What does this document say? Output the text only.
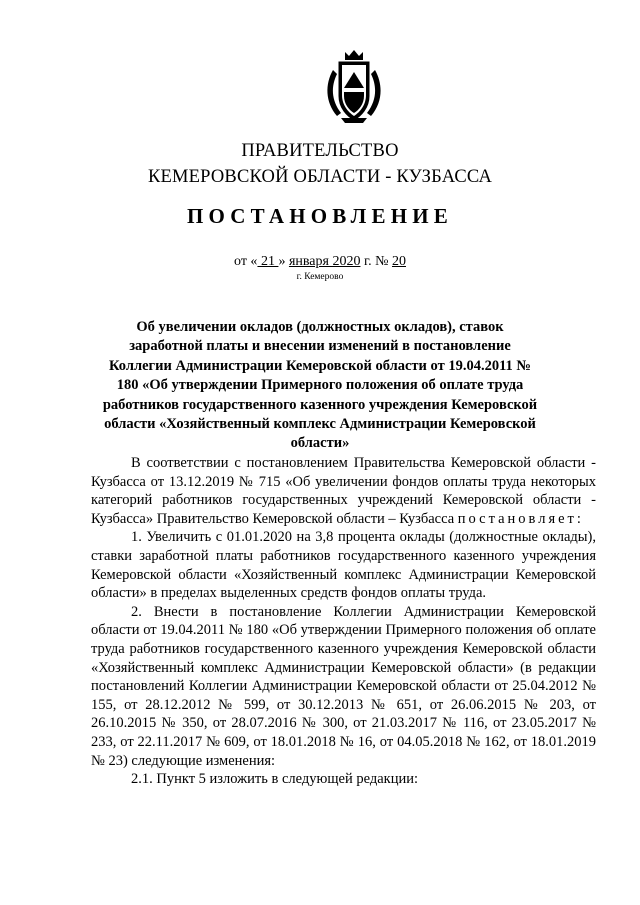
ПРАВИТЕЛЬСТВО
КЕМЕРОВСКОЙ ОБЛАСТИ - КУЗБАССА
ПОСТАНОВЛЕНИЕ
от « 21 » января 2020 г. № 20
г. Кемерово
Об увеличении окладов (должностных окладов), ставок заработной платы и внесении изменений в постановление Коллегии Администрации Кемеровской области от 19.04.2011 № 180 «Об утверждении Примерного положения об оплате труда работников государственного казенного учреждения Кемеровской области «Хозяйственный комплекс Администрации Кемеровской области»

В соответствии с постановлением Правительства Кемеровской области - Кузбасса от 13.12.2019 № 715 «Об увеличении фондов оплаты труда некоторых категорий работников государственных учреждений Кемеровской области - Кузбасса» Правительство Кемеровской области – Кузбасса постановляет:

1. Увеличить с 01.01.2020 на 3,8 процента оклады (должностные оклады), ставки заработной платы работников государственного казенного учреждения Кемеровской области «Хозяйственный комплекс Администрации Кемеровской области» в пределах выделенных средств фондов оплаты труда.

2. Внести в постановление Коллегии Администрации Кемеровской области от 19.04.2011 № 180 «Об утверждении Примерного положения об оплате труда работников государственного казенного учреждения Кемеровской области «Хозяйственный комплекс Администрации Кемеровской области» (в редакции постановлений Коллегии Администрации Кемеровской области от 25.04.2012 № 155, от 28.12.2012 № 599, от 30.12.2013 № 651, от 26.06.2015 № 203, от 26.10.2015 № 350, от 28.07.2016 № 300, от 21.03.2017 № 116, от 23.05.2017 № 233, от 22.11.2017 № 609, от 18.01.2018 № 16, от 04.05.2018 № 162, от 18.01.2019 № 23) следующие изменения:

2.1. Пункт 5 изложить в следующей редакции:
